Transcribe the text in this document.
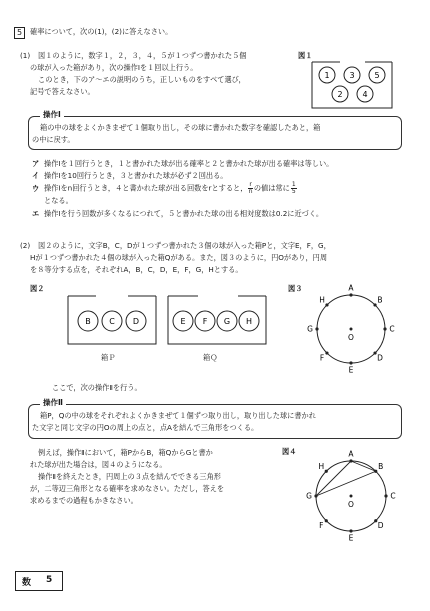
5	確率について，次の(1)，(2)に答えなさい。
(1) 図１のように，数字１，２，３，４，５が１つずつ書かれた５個
の球が入った箱があり，次の操作Ⅰを１回以上行う。
このとき，下のア～エの説明のうち，正しいものをすべて選び，
記号で答えなさい。
図１
1 3 5
2 4
操作Ⅰ
箱の中の球をよくかきまぜて１個取り出し，その球に書かれた数字を確認したあと，箱
の中に戻す。
ア 操作Ⅰを１回行うとき，１と書かれた球が出る確率と２と書かれた球が出る確率は等しい。
イ 操作Ⅰを10回行うとき，３と書かれた球が必ず２回出る。
ウ 操作Ⅰをn回行うとき，４と書かれた球が出る回数をrとすると， $\frac{r}{n}$ の値は常に $\frac{1}{5}$
となる。
エ 操作Ⅰを行う回数が多くなるにつれて，５と書かれた球の出る相対度数は0.2に近づく。
(2) 図２のように，文字B，C，Dが１つずつ書かれた３個の球が入った箱Pと，文字E，F，G，
Hが１つずつ書かれた４個の球が入った箱Qがある。また，図３のように，円Oがあり，円周
を８等分する点を，それぞれA，B，C，D，E，F，G，Hとする。
図２
B C D	E F G H
箱Ｐ	箱Ｑ
図３	A
B
C
D
E
F
G
H
O
ここで，次の操作Ⅱを行う。
操作Ⅱ
箱P，Qの中の球をそれぞれよくかきまぜて１個ずつ取り出し，取り出した球に書かれ
た文字と同じ文字の円Oの周上の点と，点Aを結んで三角形をつくる。
例えば，操作Ⅱにおいて，箱PからB，箱QからGと書か
れた球が出た場合は，図４のようになる。
操作Ⅱを終えたとき，円周上の３点を結んでできる三角形
が，二等辺三角形となる確率を求めなさい。ただし，答えを
求めるまでの過程もかきなさい。
図４	A
B
C
D
E
F
G
H
O
数 5
